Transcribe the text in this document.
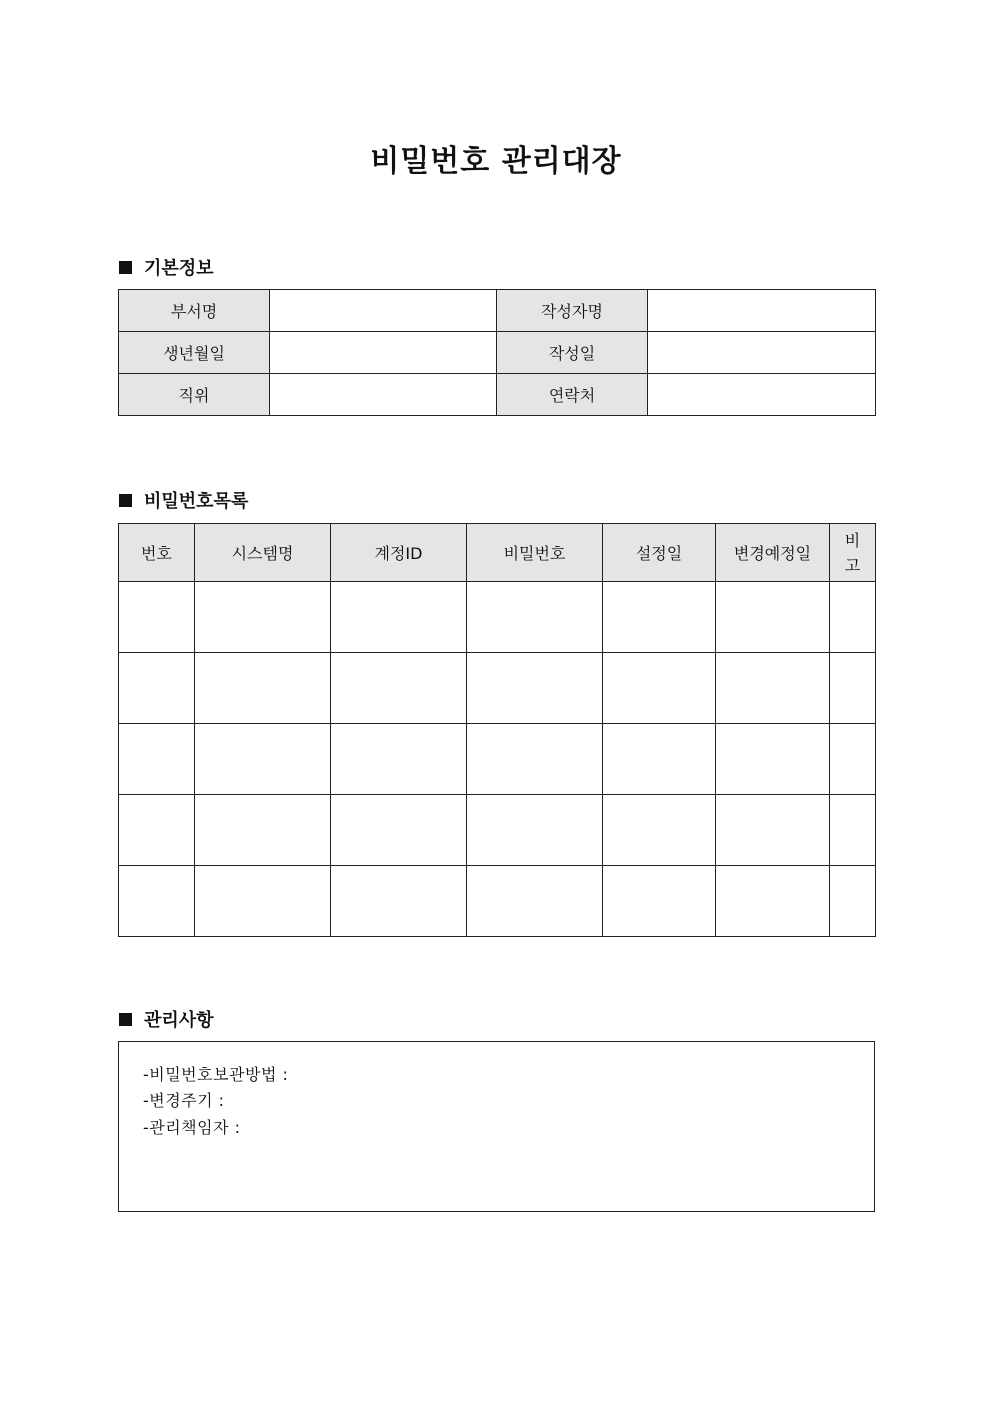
비밀번호 관리대장
기본정보
부서명		작성자명	
생년월일		작성일	
직위		연락처	
비밀번호목록
번호	시스템명	계정ID	비밀번호	설정일	변경예정일	비
고

관리사항
-비밀번호보관방법 :
-변경주기 :
-관리책임자 :
